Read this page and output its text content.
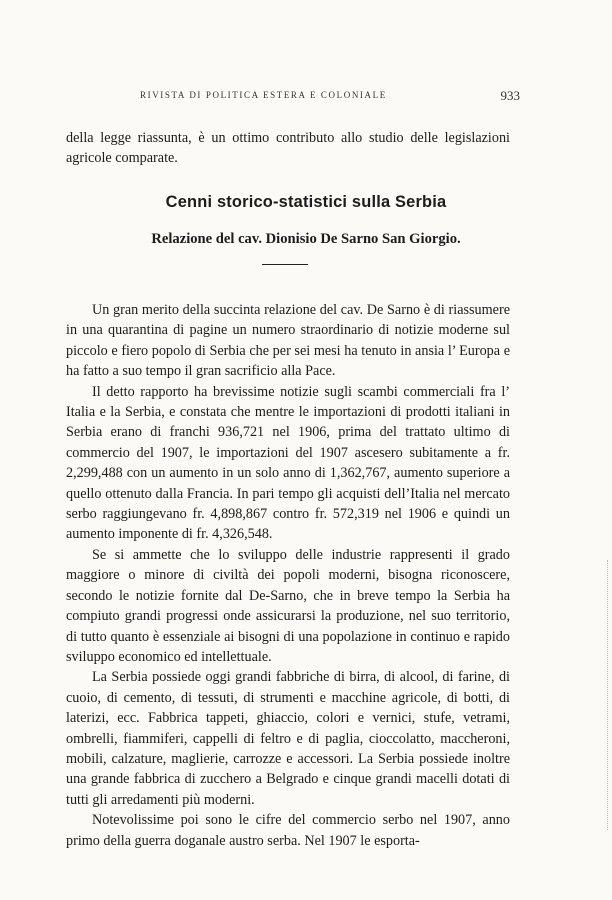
RIVISTA DI POLITICA ESTERA E COLONIALE	933

della legge riassunta, è un ottimo contributo allo studio delle legislazioni agricole comparate.

Cenni storico-statistici sulla Serbia
Relazione del cav. Dionisio De Sarno San Giorgio.

Un gran merito della succinta relazione del cav. De Sarno è di riassumere in una quarantina di pagine un numero straordinario di notizie moderne sul piccolo e fiero popolo di Serbia che per sei mesi ha tenuto in ansia l’ Europa e ha fatto a suo tempo il gran sacrificio alla Pace.

Il detto rapporto ha brevissime notizie sugli scambi commerciali fra l’ Italia e la Serbia, e constata che mentre le importazioni di prodotti italiani in Serbia erano di franchi 936,721 nel 1906, prima del trattato ultimo di commercio del 1907, le importazioni del 1907 ascesero subitamente a fr. 2,299,488 con un aumento in un solo anno di 1,362,767, aumento superiore a quello ottenuto dalla Francia. In pari tempo gli acquisti dell’Italia nel mercato serbo raggiungevano fr. 4,898,867 contro fr. 572,319 nel 1906 e quindi un aumento imponente di fr. 4,326,548.

Se si ammette che lo sviluppo delle industrie rappresenti il grado maggiore o minore di civiltà dei popoli moderni, bisogna riconoscere, secondo le notizie fornite dal De-Sarno, che in breve tempo la Serbia ha compiuto grandi progressi onde assicurarsi la produzione, nel suo territorio, di tutto quanto è essenziale ai bisogni di una popolazione in continuo e rapido sviluppo economico ed intellettuale.

La Serbia possiede oggi grandi fabbriche di birra, di alcool, di farine, di cuoio, di cemento, di tessuti, di strumenti e macchine agricole, di botti, di laterizi, ecc. Fabbrica tappeti, ghiaccio, colori e vernici, stufe, vetrami, ombrelli, fiammiferi, cappelli di feltro e di paglia, cioccolatto, maccheroni, mobili, calzature, maglierie, carrozze e accessori. La Serbia possiede inoltre una grande fabbrica di zucchero a Belgrado e cinque grandi macelli dotati di tutti gli arredamenti più moderni.

Notevolissime poi sono le cifre del commercio serbo nel 1907, anno primo della guerra doganale austro serba. Nel 1907 le esporta-
